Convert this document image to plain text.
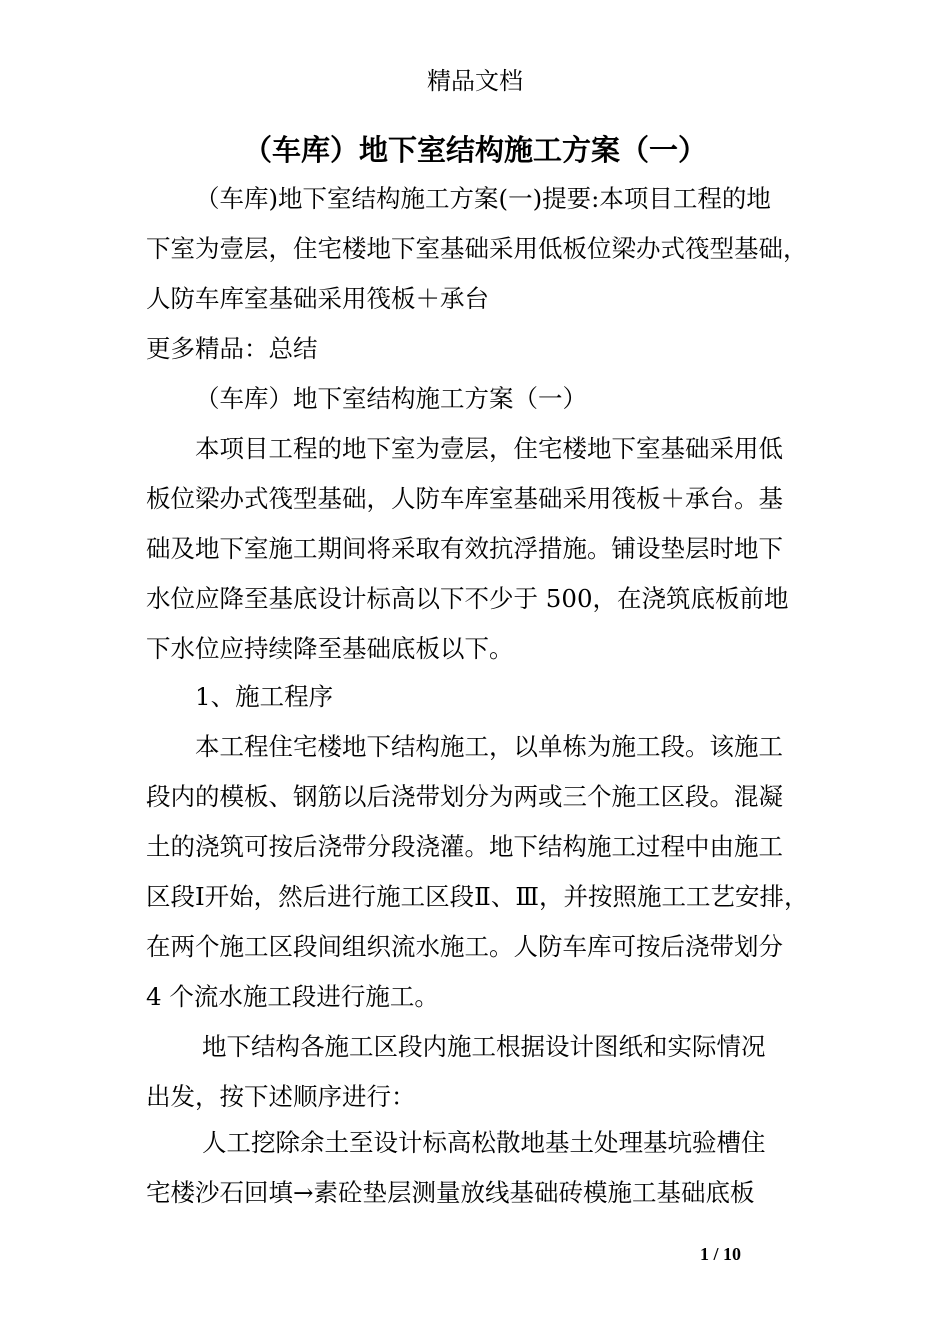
精品文档
（车库）地下室结构施工方案（一）
（车库)地下室结构施工方案(一)提要:本项目工程的地
下室为壹层，住宅楼地下室基础采用低板位梁办式筏型基础，
人防车库室基础采用筏板＋承台
更多精品：总结
（车库）地下室结构施工方案（一）
本项目工程的地下室为壹层，住宅楼地下室基础采用低
板位梁办式筏型基础，人防车库室基础采用筏板＋承台。基
础及地下室施工期间将采取有效抗浮措施。铺设垫层时地下
水位应降至基底设计标高以下不少于 500，在浇筑底板前地
下水位应持续降至基础底板以下。
1、施工程序
本工程住宅楼地下结构施工，以单栋为施工段。该施工
段内的模板、钢筋以后浇带划分为两或三个施工区段。混凝
土的浇筑可按后浇带分段浇灌。地下结构施工过程中由施工
区段Ⅰ开始，然后进行施工区段Ⅱ、Ⅲ，并按照施工工艺安排，
在两个施工区段间组织流水施工。人防车库可按后浇带划分
4 个流水施工段进行施工。
地下结构各施工区段内施工根据设计图纸和实际情况
出发，按下述顺序进行：
人工挖除余土至设计标高松散地基土处理基坑验槽住
宅楼沙石回填→素砼垫层测量放线基础砖模施工基础底板
1 / 10
